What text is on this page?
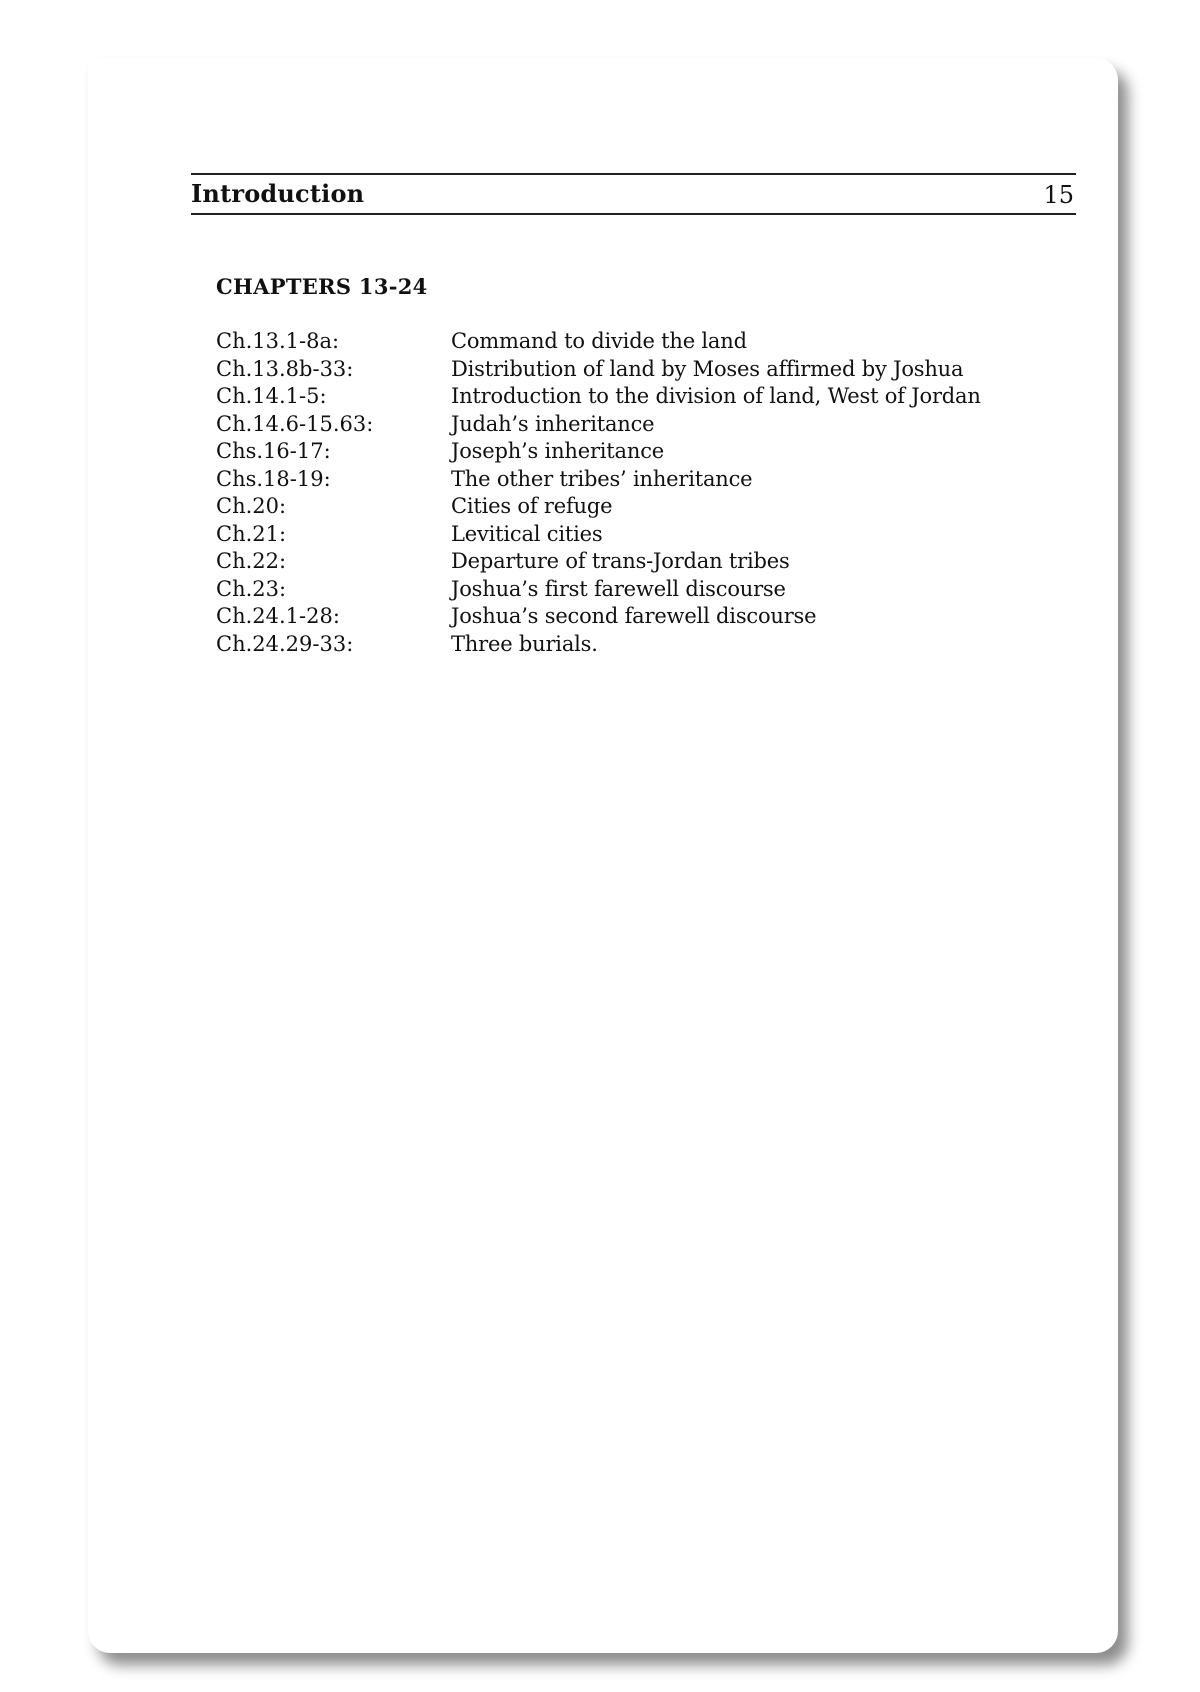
Introduction	15
CHAPTERS 13-24
Ch.13.1-8a:	Command to divide the land
Ch.13.8b-33:	Distribution of land by Moses affirmed by Joshua
Ch.14.1-5:	Introduction to the division of land, West of Jordan
Ch.14.6-15.63:	Judah’s inheritance
Chs.16-17:	Joseph’s inheritance
Chs.18-19:	The other tribes’ inheritance
Ch.20:	Cities of refuge
Ch.21:	Levitical cities
Ch.22:	Departure of trans-Jordan tribes
Ch.23:	Joshua’s first farewell discourse
Ch.24.1-28:	Joshua’s second farewell discourse
Ch.24.29-33:	Three burials.
